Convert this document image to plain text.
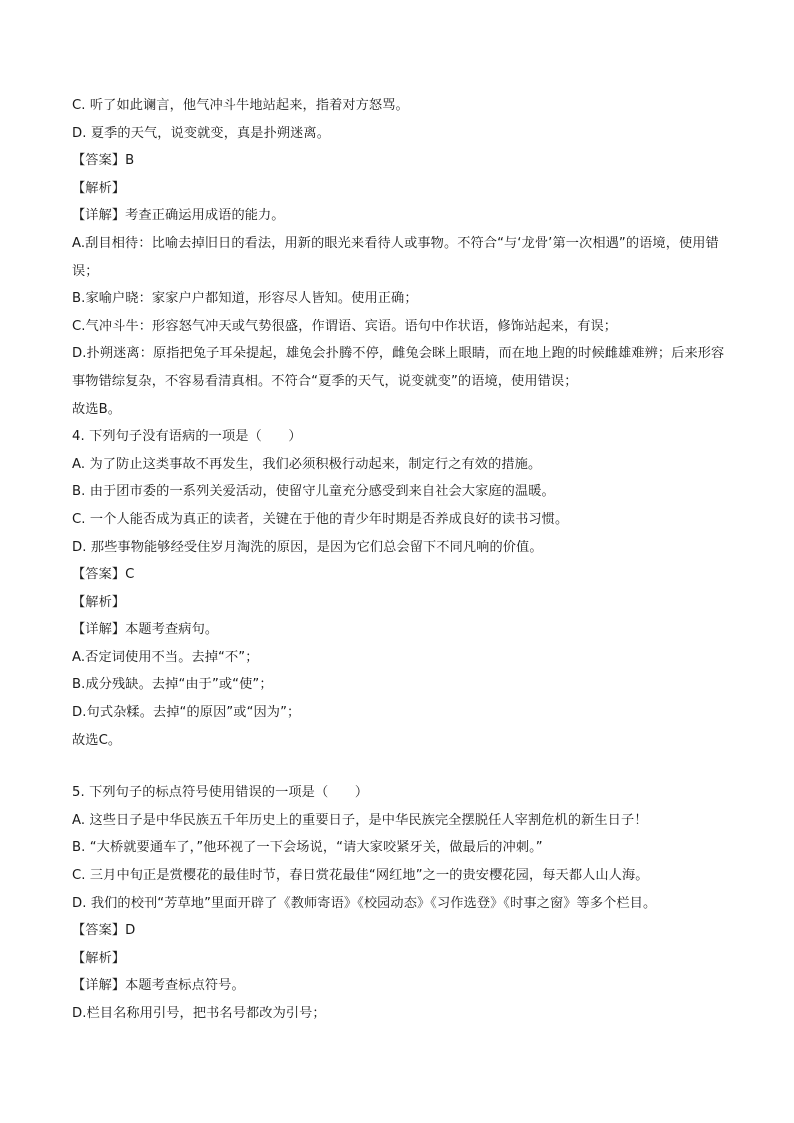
C. 听了如此谰言，他气冲斗牛地站起来，指着对方怒骂。
D. 夏季的天气，说变就变，真是扑朔迷离。
【答案】B
【解析】
【详解】考查正确运用成语的能力。
A.刮目相待：比喻去掉旧日的看法，用新的眼光来看待人或事物。不符合“与‘龙骨’第一次相遇”的语境，使用错误；
B.家喻户晓：家家户户都知道，形容尽人皆知。使用正确；
C.气冲斗牛：形容怒气冲天或气势很盛，作谓语、宾语。语句中作状语，修饰站起来，有误；
D.扑朔迷离：原指把兔子耳朵提起，雄兔会扑腾不停，雌兔会眯上眼睛，而在地上跑的时候雌雄难辨；后来形容事物错综复杂，不容易看清真相。不符合“夏季的天气，说变就变”的语境，使用错误；
故选B。
4. 下列句子没有语病的一项是（　　）
A. 为了防止这类事故不再发生，我们必须积极行动起来，制定行之有效的措施。
B. 由于团市委的一系列关爱活动，使留守儿童充分感受到来自社会大家庭的温暖。
C. 一个人能否成为真正的读者，关键在于他的青少年时期是否养成良好的读书习惯。
D. 那些事物能够经受住岁月淘洗的原因，是因为它们总会留下不同凡响的价值。
【答案】C
【解析】
【详解】本题考查病句。
A.否定词使用不当。去掉“不”；
B.成分残缺。去掉“由于”或“使”；
D.句式杂糅。去掉“的原因”或“因为”；
故选C。
5. 下列句子的标点符号使用错误的一项是（　　）
A. 这些日子是中华民族五千年历史上的重要日子，是中华民族完全摆脱任人宰割危机的新生日子！
B. “大桥就要通车了，”他环视了一下会场说，“请大家咬紧牙关，做最后的冲刺。”
C. 三月中旬正是赏樱花的最佳时节，春日赏花最佳“网红地”之一的贵安樱花园，每天都人山人海。
D. 我们的校刊“芳草地”里面开辟了《教师寄语》《校园动态》《习作选登》《时事之窗》等多个栏目。
【答案】D
【解析】
【详解】本题考查标点符号。
D.栏目名称用引号，把书名号都改为引号；
